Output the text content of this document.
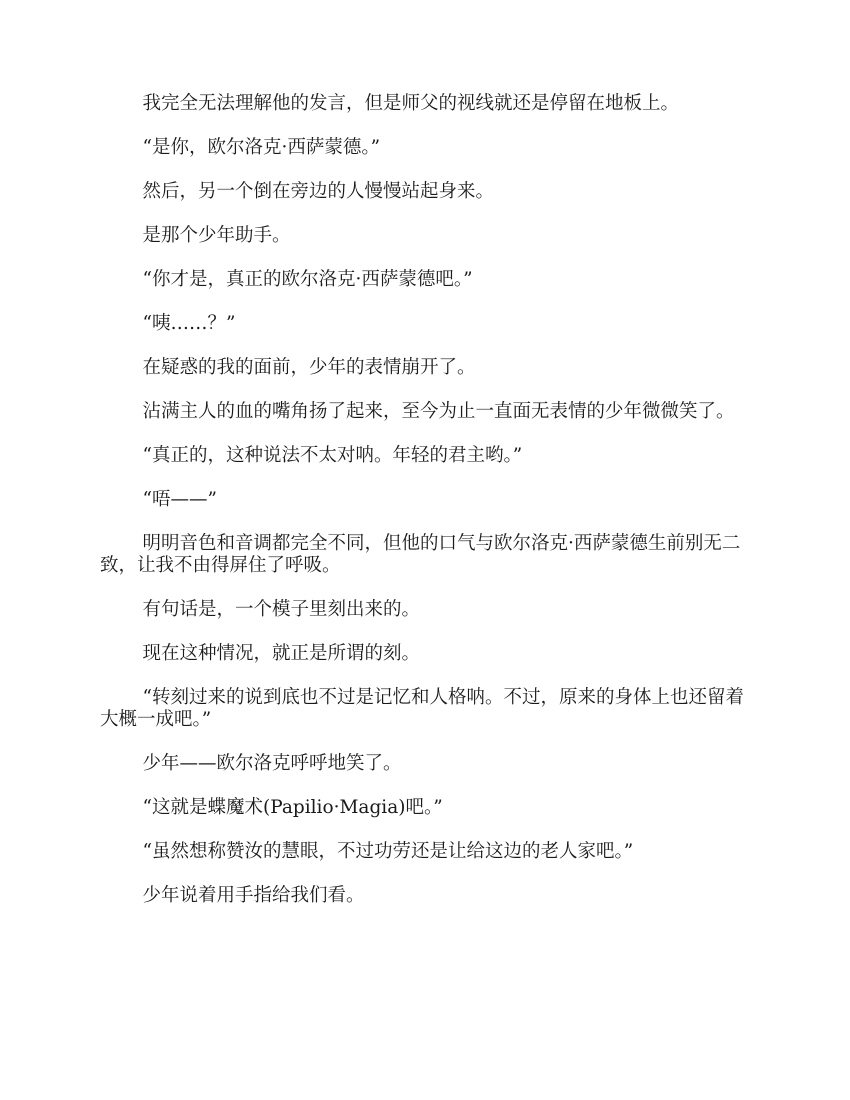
我完全无法理解他的发言，但是师父的视线就还是停留在地板上。

“是你，欧尔洛克·西萨蒙德。”

然后，另一个倒在旁边的人慢慢站起身来。

是那个少年助手。

“你才是，真正的欧尔洛克·西萨蒙德吧。”

“咦……？”

在疑惑的我的面前，少年的表情崩开了。

沾满主人的血的嘴角扬了起来，至今为止一直面无表情的少年微微笑了。

“真正的，这种说法不太对呐。年轻的君主哟。”

“唔——”

明明音色和音调都完全不同，但他的口气与欧尔洛克·西萨蒙德生前别无二致，让我不由得屏住了呼吸。

有句话是，一个模子里刻出来的。

现在这种情况，就正是所谓的刻。

“转刻过来的说到底也不过是记忆和人格呐。不过，原来的身体上也还留着大概一成吧。”

少年——欧尔洛克呼呼地笑了。

“这就是蝶魔术(Papilio·Magia)吧。”

“虽然想称赞汝的慧眼，不过功劳还是让给这边的老人家吧。”

少年说着用手指给我们看。
